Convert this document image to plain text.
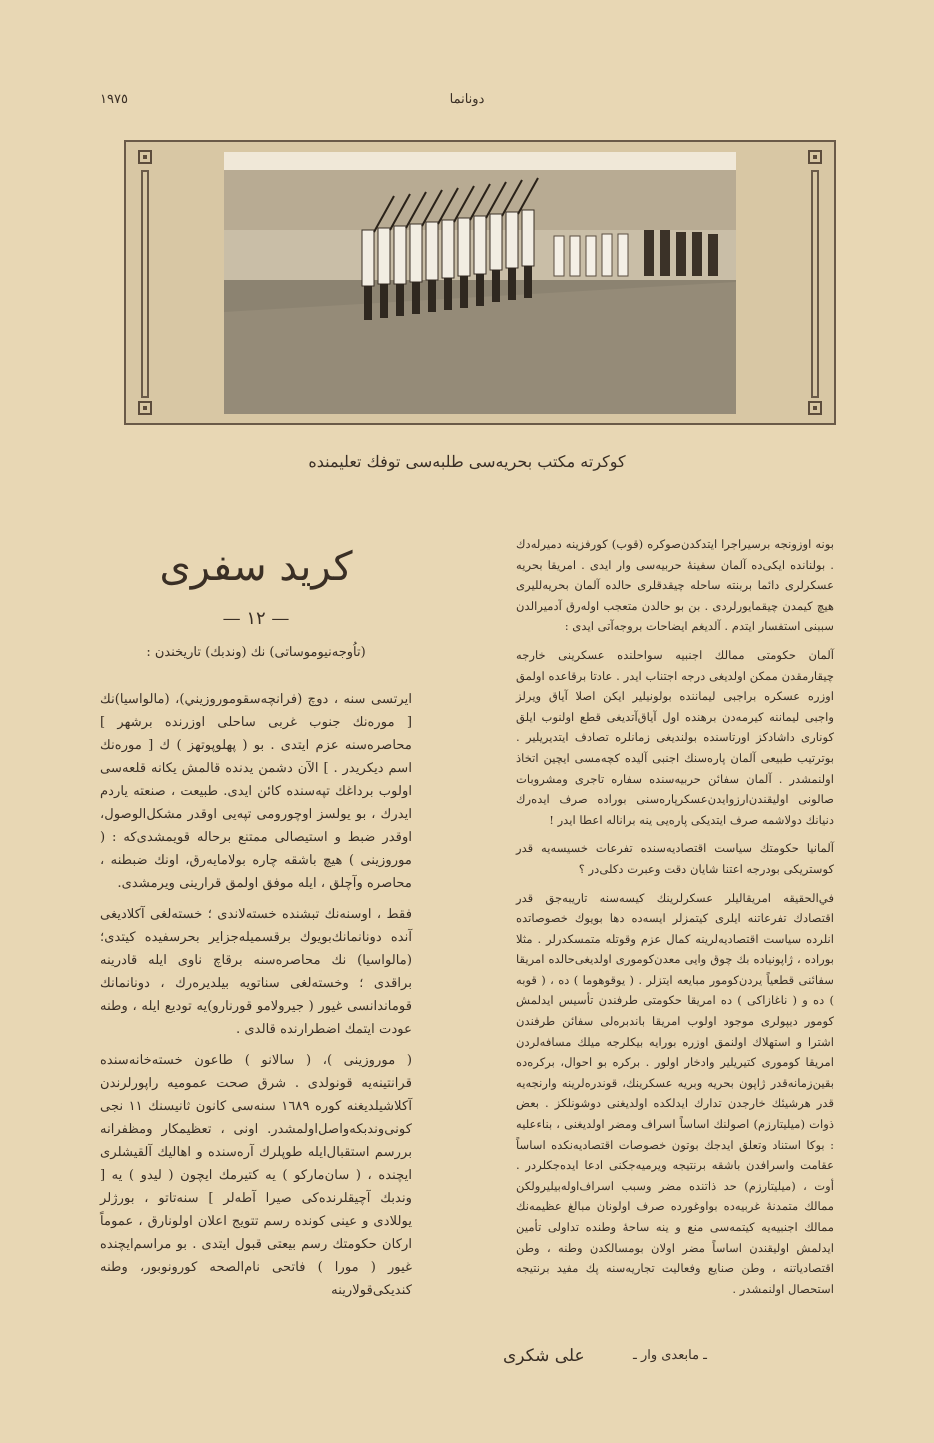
١٩٧٥	دونانما
كوكرته مكتب بحريه‌سى طلبه‌سى توفك تعليمنده
كريد سفرى
— ١٢ —
(تاُوجه‌نيوموساتى) نك (وندبك) تاريخندن :

ايرتسى سنه ، دوچ (فرانچه‌سقوموروزيني)، (مالواسيا)نك [ موره‌نك جنوب غربى ساحلى اوزرنده برشهر ] محاصره‌سنه عزم ايتدى . بو ( پهلوپوتهز ) ك [ موره‌نك اسم ديكريدر . ] الآن دشمن يدنده قالمش يكانه قلعه‌سى اولوب برداغك تپه‌سنده كائن ايدى. طبيعت ، صنعته ياردم ايدرك ، بو يولسز اوچورومى تپه‌يى اوقدر مشكل‌الوصول، اوقدر ضبط و استيصالى ممتنع برحاله قويمشدى‌كه : ( موروزينى ) هيچ باشقه چاره بولامايه‌رق، اونك ضبطنه ، محاصره وآچلق ، ايله موفق اولمق قرارينى ويرمشدى.

فقط ، اوسنه‌نك تبشنده خسته‌لاندى ؛ خسته‌لغى آكلاديغى آنده دونانمانك‌بويوك برقسميله‌جزاير بحرسفيده كيتدى؛ (مالواسيا) نك محاصره‌سنه برقاچ ناوى ايله قادرينه براقدى ؛ وخسته‌لغى سناتويه بيلديره‌رك ، دونانمانك قوماندانسى غيور ( جيرولامو قورنارو)يه توديع ايله ، وطنه عودت ايتمك اضطرارنده قالدى .

( موروزينى )، ( سالانو ) طاعون خسته‌خانه‌سنده قرانتينه‌يه قونولدى . شرق صحت عموميه راپورلرندن آكلاشيلديغنه كوره ١٦٨٩ سنه‌سى كانون ثانيسنك ١١ نجى كونى‌وندبكه‌واصل‌اولمشدر. اونى ، تعظيمكار ومظفرانه بررسم استقبال‌ايله طوپلرك آره‌سنده و اهاليك آلقيشلرى ايچنده ، ( سان‌ماركو ) يه كتيرمك ايچون ( ليدو ) يه [ وندبك آچيقلرنده‌كى صيرا آطه‌لر ] سنه‌تاتو ، بورژلر يوللادى و عينى كونده رسم تتويج اعلان اولونارق ، عموماً اركان حكومتك رسم بيعتى قبول ايتدى . بو مراسم‌ايچنده غيور ( مورا ) فاتحى نام‌الصحه كورونوبور، وطنه كنديكى‌قولارينه

بونه اوزونجه برسيراجرا ايتدكدن‌صوكره (قوب) كورفزينه دميرله‌دك . بولنانده ايكى‌ده آلمان سفينهٔ حربيه‌سى وار ايدى . امريقا بحريه عسكرلرى دائما بربنته ساحله چيقدقلرى حالده آلمان بحريه‌لليرى هيچ كيمدن چيقمايورلردى . بن بو حالدن متعجب اوله‌رق آدميرالدن سببنى استفسار ايتدم . آلديغم ايضاحات بروجه‌آتى ايدى :

آلمان حكومتى ممالك اجنبيه سواحلنده عسكرينى خارجه چيقارمقدن ممكن اولديغى درجه اجتناب ايدر . عادتا برقاعده اولمق اوزره عسكره براجبى ليماننده بولونيلير ايكن اصلا آياق ويرلز واجبى ليماننه كيرمه‌دن برهنده اول آياق‌آتديغى قطع اولنوب ايلق كونارى داشادكز اورتاسنده بولنديغى زمانلره تصادف ايتديريلير . بوترتيب طبيعى آلمان پاره‌سنك اجنبى آليده كچه‌مسى ايچين اتخاذ اولنمشدر . آلمان سفائن حربيه‌سنده سفاره تاجرى ومشروبات صالونى اوليقندن‌ارزوايدن‌عسكرپاره‌سنى بوراده صرف ايده‌رك دنيانك دولاشمه صرف ايتديكى پاره‌يى ينه براناله اعطا ايدر !

آلمانيا حكومتك سياست اقتصاديه‌سنده تفرعات خسيسه‌يه قدر كوستريكى بودرجه اعتنا شايان دقت وعبرت دكلى‌در ؟

في‌الحقيقه امريقاليلر عسكرلرينك كيسه‌سنه تاريبه‌جق قدر اقتصادك تفرعاتنه ايلرى كيتمزلر ايسه‌ده دها بويوك خصوصاتده انلرده سياست اقتصاديه‌لرينه كمال عزم وقوتله متمسكدرلر . مثلا بوراده ، ژاپونياده بك چوق وايى معدن‌كومورى اولديغى‌حالده امريقا سفائنى قطعياً يردن‌كومور مبايعه ايتزلر . ( يوقوهوما ) ده ، ( قوبه ) ده و ( ناغازاكى ) ده امريقا حكومتى طرفندن تأسيس ايدلمش كومور ديپولرى موجود اولوب امريقا باندبره‌لى سفائن طرفندن اشترا و استهلاك اولنمق اوزره بورايه بيكلرجه ميلك مسافه‌لردن امريقا كومورى كتيريلير وادخار اولور . بركره بو احوال، بركره‌ده بقين‌زمانه‌قدر ژاپون بحريه وبريه عسكرينك، قوندره‌لرينه وارنجه‌يه قدر هرشيئك خارجدن تدارك ايدلكده اولديغنى دوشونلكز . بعض ذوات (ميليتارزم) اصولنك اساساً اسراف ومضر اولديغنى ، بناءعليه : بوكا استناد وتعلق ايدجك بوتون خصوصات اقتصاديه‌نكده اساساً عقامت واسرافدن باشقه برنتيجه ويرميه‌جكنى ادعا ايده‌جكلردر . أوت ، (ميليتارزم) حد ذاتنده مضر وسبب اسراف‌اوله‌بيلير‌ولكن ممالك متمدنهٔ غربيه‌ده بواوغورده صرف اولونان مبالغ عظيمه‌نك ممالك اجنبيه‌يه كيتمه‌سى منع و ينه ساحهٔ وطنده تداولى تأمين ايدلمش اوليقندن اساساً مضر اولان بومسالكدن وطنه ، وطن اقتصادياتنه ، وطن صنايع وفعاليت تجاريه‌سنه پك مفيد برنتيجه استحصال اولنمشدر .

ـ مابعدى وار ـ
على شكرى
